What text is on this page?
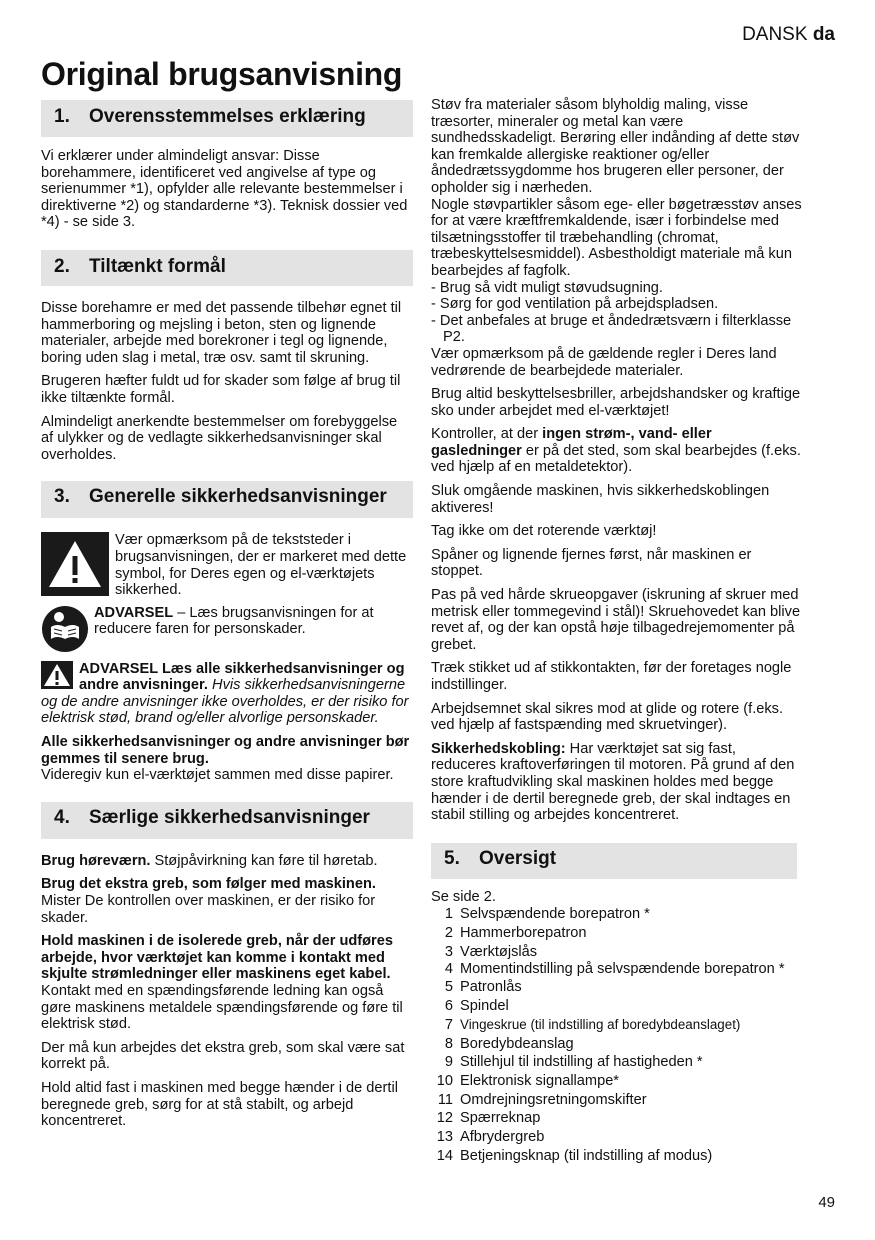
DANSK da
Original brugsanvisning
1.	Overensstemmelses erklæring

Vi erklærer under almindeligt ansvar: Disse borehammere, identificeret ved angivelse af type og serienummer *1), opfylder alle relevante bestemmelser i direktiverne *2) og standarderne *3). Teknisk dossier ved *4) - se side 3.

2.	Tiltænkt formål

Disse borehamre er med det passende tilbehør egnet til hammerboring og mejsling i beton, sten og lignende materialer, arbejde med borekroner i tegl og lignende, boring uden slag i metal, træ osv. samt til skruning.

Brugeren hæfter fuldt ud for skader som følge af brug til ikke tiltænkte formål.

Almindeligt anerkendte bestemmelser om forebyggelse af ulykker og de vedlagte sikkerhedsanvisninger skal overholdes.

3.	Generelle sikkerhedsanvisninger
Vær opmærksom på de tekststeder i brugsanvisningen, der er markeret med dette symbol, for Deres egen og el-værktøjets sikkerhed.
ADVARSEL – Læs brugsanvisningen for at reducere faren for personskader.

ADVARSEL Læs alle sikkerhedsanvisninger og andre anvisninger. Hvis sikkerhedsanvisningerne og de andre anvisninger ikke overholdes, er der risiko for elektrisk stød, brand og/eller alvorlige personskader.

Alle sikkerhedsanvisninger og andre anvisninger bør gemmes til senere brug.
Videregiv kun el-værktøjet sammen med disse papirer.

4.	Særlige sikkerhedsanvisninger

Brug høreværn. Støjpåvirkning kan føre til høretab.

Brug det ekstra greb, som følger med maskinen. Mister De kontrollen over maskinen, er der risiko for skader.

Hold maskinen i de isolerede greb, når der udføres arbejde, hvor værktøjet kan komme i kontakt med skjulte strømledninger eller maskinens eget kabel. Kontakt med en spændingsførende ledning kan også gøre maskinens metaldele spændingsførende og føre til elektrisk stød.

Der må kun arbejdes det ekstra greb, som skal være sat korrekt på.

Hold altid fast i maskinen med begge hænder i de dertil beregnede greb, sørg for at stå stabilt, og arbejd koncentreret.

Støv fra materialer såsom blyholdig maling, visse træsorter, mineraler og metal kan være sundhedsskadeligt. Berøring eller indånding af dette støv kan fremkalde allergiske reaktioner og/eller åndedrætssygdomme hos brugeren eller personer, der opholder sig i nærheden.
Nogle støvpartikler såsom ege- eller bøgetræsstøv anses for at være kræftfremkaldende, især i forbindelse med tilsætningsstoffer til træbehandling (chromat, træbeskyttelsesmiddel). Asbestholdigt materiale må kun bearbejdes af fagfolk.

- Brug så vidt muligt støvudsugning.
- Sørg for god ventilation på arbejdspladsen.
- Det anbefales at bruge et åndedrætsværn i filterklasse P2.

Vær opmærksom på de gældende regler i Deres land vedrørende de bearbejdede materialer.

Brug altid beskyttelsesbriller, arbejdshandsker og kraftige sko under arbejdet med el-værktøjet!

Kontroller, at der ingen strøm-, vand- eller gasledninger er på det sted, som skal bearbejdes (f.eks. ved hjælp af en metaldetektor).

Sluk omgående maskinen, hvis sikkerhedskoblingen aktiveres!

Tag ikke om det roterende værktøj!

Spåner og lignende fjernes først, når maskinen er stoppet.

Pas på ved hårde skrueopgaver (iskruning af skruer med metrisk eller tommegevind i stål)! Skruehovedet kan blive revet af, og der kan opstå høje tilbagedrejemomenter på grebet.

Træk stikket ud af stikkontakten, før der foretages nogle indstillinger.

Arbejdsemnet skal sikres mod at glide og rotere (f.eks. ved hjælp af fastspænding med skruetvinger).

Sikkerhedskobling: Har værktøjet sat sig fast, reduceres kraftoverføringen til motoren. På grund af den store kraftudvikling skal maskinen holdes med begge hænder i de dertil beregnede greb, der skal indtages en stabil stilling og arbejdes koncentreret.

5.	Oversigt
Se side 2.
1 Selvspændende borepatron *
2 Hammerborepatron
3 Værktøjslås
4 Momentindstilling på selvspændende borepatron *
5 Patronlås
6 Spindel
7 Vingeskrue (til indstilling af boredybdeanslaget)
8 Boredybdeanslag
9 Stillehjul til indstilling af hastigheden *
10 Elektronisk signallampe*
11 Omdrejningsretningomskifter
12 Spærreknap
13 Afbrydergreb
14 Betjeningsknap (til indstilling af modus)
49
